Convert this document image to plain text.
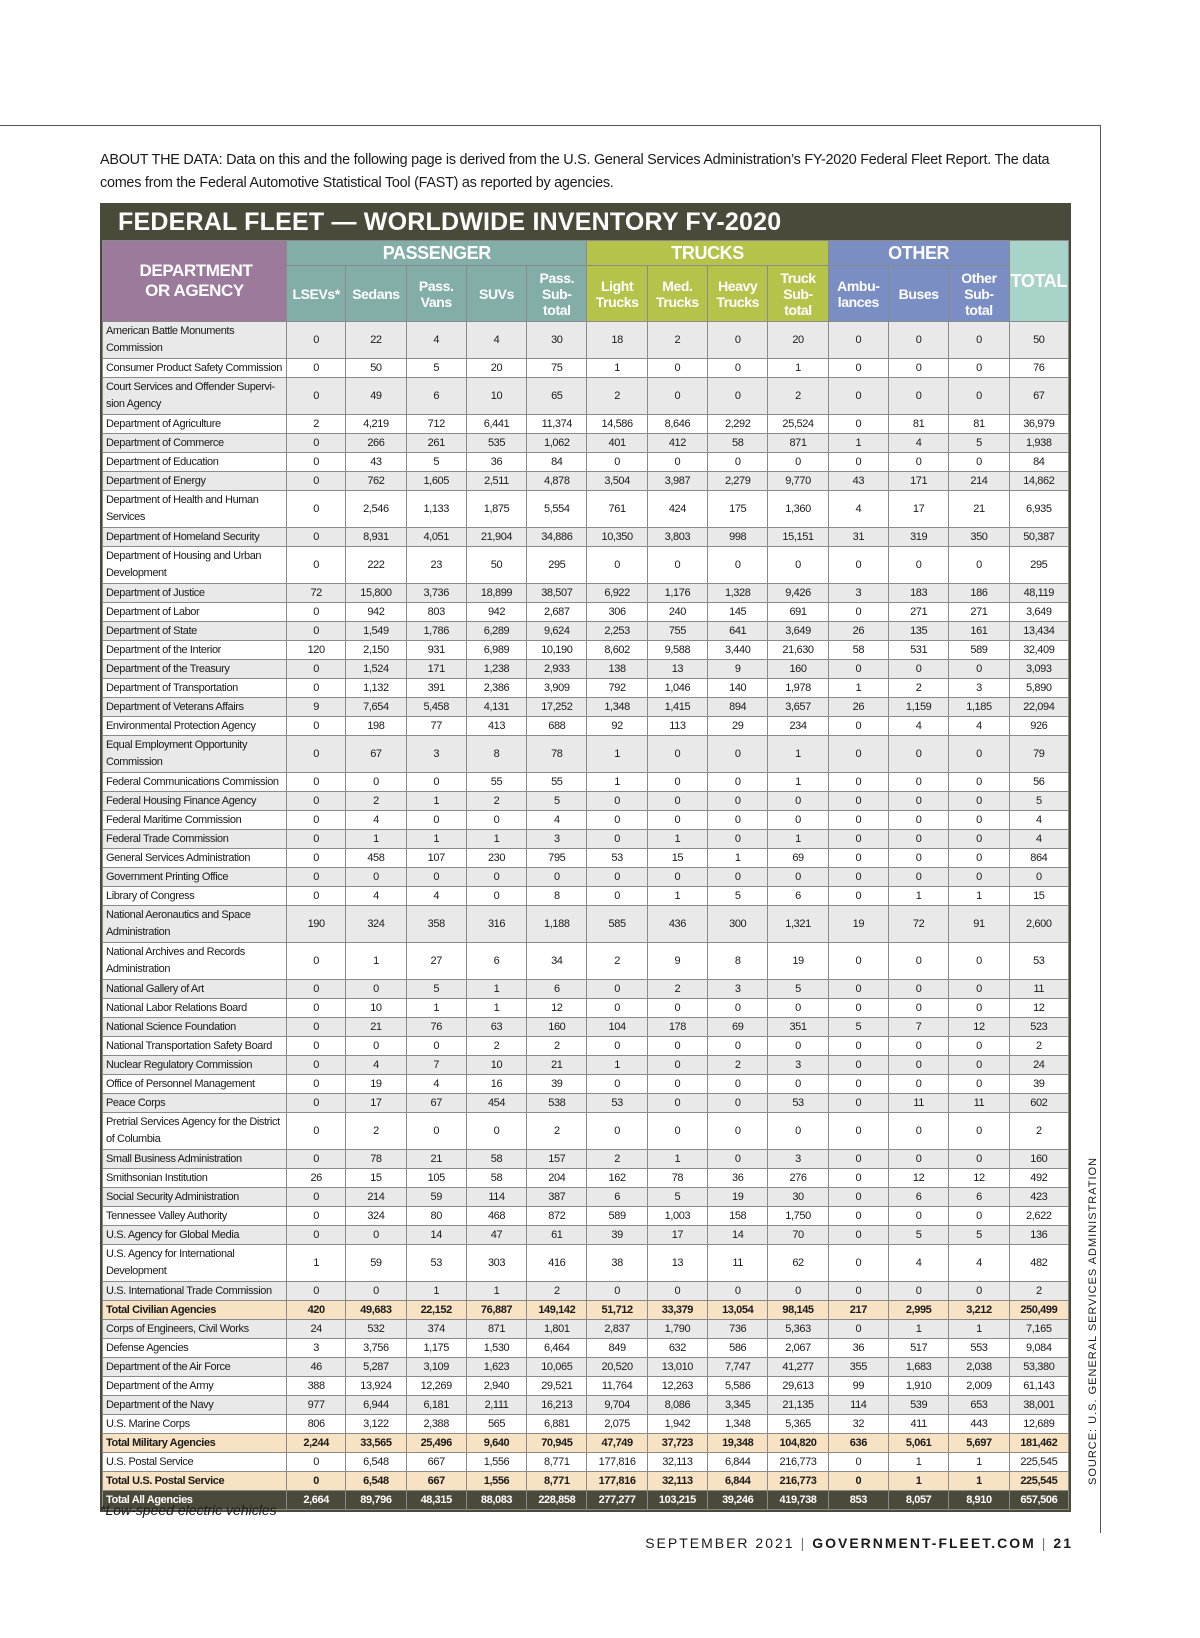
ABOUT THE DATA: Data on this and the following page is derived from the U.S. General Services Administration’s FY-2020 Federal Fleet Report. The data comes from the Federal Automotive Statistical Tool (FAST) as reported by agencies.

FEDERAL FLEET — WORLDWIDE INVENTORY FY-2020
DEPARTMENT OR AGENCY	PASSENGER					TRUCKS				OTHER			TOTAL
	LSEVs*	Sedans	Pass. Vans	SUVs	Pass. Sub-total	Light Trucks	Med. Trucks	Heavy Trucks	Truck Sub-total	Ambu-lances	Buses	Other Sub-total	
American Battle Monuments Commission	0	22	4	4	30	18	2	0	20	0	0	0	50
Consumer Product Safety Commission	0	50	5	20	75	1	0	0	1	0	0	0	76
Court Services and Offender Supervi-sion Agency	0	49	6	10	65	2	0	0	2	0	0	0	67
Department of Agriculture	2	4,219	712	6,441	11,374	14,586	8,646	2,292	25,524	0	81	81	36,979
Department of Commerce	0	266	261	535	1,062	401	412	58	871	1	4	5	1,938
Department of Education	0	43	5	36	84	0	0	0	0	0	0	0	84
Department of Energy	0	762	1,605	2,511	4,878	3,504	3,987	2,279	9,770	43	171	214	14,862
Department of Health and Human Services	0	2,546	1,133	1,875	5,554	761	424	175	1,360	4	17	21	6,935
Department of Homeland Security	0	8,931	4,051	21,904	34,886	10,350	3,803	998	15,151	31	319	350	50,387
Department of Housing and Urban Development	0	222	23	50	295	0	0	0	0	0	0	0	295
Department of Justice	72	15,800	3,736	18,899	38,507	6,922	1,176	1,328	9,426	3	183	186	48,119
Department of Labor	0	942	803	942	2,687	306	240	145	691	0	271	271	3,649
Department of State	0	1,549	1,786	6,289	9,624	2,253	755	641	3,649	26	135	161	13,434
Department of the Interior	120	2,150	931	6,989	10,190	8,602	9,588	3,440	21,630	58	531	589	32,409
Department of the Treasury	0	1,524	171	1,238	2,933	138	13	9	160	0	0	0	3,093
Department of Transportation	0	1,132	391	2,386	3,909	792	1,046	140	1,978	1	2	3	5,890
Department of Veterans Affairs	9	7,654	5,458	4,131	17,252	1,348	1,415	894	3,657	26	1,159	1,185	22,094
Environmental Protection Agency	0	198	77	413	688	92	113	29	234	0	4	4	926
Equal Employment Opportunity Commission	0	67	3	8	78	1	0	0	1	0	0	0	79
Federal Communications Commission	0	0	0	55	55	1	0	0	1	0	0	0	56
Federal Housing Finance Agency	0	2	1	2	5	0	0	0	0	0	0	0	5
Federal Maritime Commission	0	4	0	0	4	0	0	0	0	0	0	0	4
Federal Trade Commission	0	1	1	1	3	0	1	0	1	0	0	0	4
General Services Administration	0	458	107	230	795	53	15	1	69	0	0	0	864
Government Printing Office	0	0	0	0	0	0	0	0	0	0	0	0	0
Library of Congress	0	4	4	0	8	0	1	5	6	0	1	1	15
National Aeronautics and Space Administration	190	324	358	316	1,188	585	436	300	1,321	19	72	91	2,600
National Archives and Records Administration	0	1	27	6	34	2	9	8	19	0	0	0	53
National Gallery of Art	0	0	5	1	6	0	2	3	5	0	0	0	11
National Labor Relations Board	0	10	1	1	12	0	0	0	0	0	0	0	12
National Science Foundation	0	21	76	63	160	104	178	69	351	5	7	12	523
National Transportation Safety Board	0	0	0	2	2	0	0	0	0	0	0	0	2
Nuclear Regulatory Commission	0	4	7	10	21	1	0	2	3	0	0	0	24
Office of Personnel Management	0	19	4	16	39	0	0	0	0	0	0	0	39
Peace Corps	0	17	67	454	538	53	0	0	53	0	11	11	602
Pretrial Services Agency for the District of Columbia	0	2	0	0	2	0	0	0	0	0	0	0	2
Small Business Administration	0	78	21	58	157	2	1	0	3	0	0	0	160
Smithsonian Institution	26	15	105	58	204	162	78	36	276	0	12	12	492
Social Security Administration	0	214	59	114	387	6	5	19	30	0	6	6	423
Tennessee Valley Authority	0	324	80	468	872	589	1,003	158	1,750	0	0	0	2,622
U.S. Agency for Global Media	0	0	14	47	61	39	17	14	70	0	5	5	136
U.S. Agency for International Development	1	59	53	303	416	38	13	11	62	0	4	4	482
U.S. International Trade Commission	0	0	1	1	2	0	0	0	0	0	0	0	2
Total Civilian Agencies	420	49,683	22,152	76,887	149,142	51,712	33,379	13,054	98,145	217	2,995	3,212	250,499
Corps of Engineers, Civil Works	24	532	374	871	1,801	2,837	1,790	736	5,363	0	1	1	7,165
Defense Agencies	3	3,756	1,175	1,530	6,464	849	632	586	2,067	36	517	553	9,084
Department of the Air Force	46	5,287	3,109	1,623	10,065	20,520	13,010	7,747	41,277	355	1,683	2,038	53,380
Department of the Army	388	13,924	12,269	2,940	29,521	11,764	12,263	5,586	29,613	99	1,910	2,009	61,143
Department of the Navy	977	6,944	6,181	2,111	16,213	9,704	8,086	3,345	21,135	114	539	653	38,001
U.S. Marine Corps	806	3,122	2,388	565	6,881	2,075	1,942	1,348	5,365	32	411	443	12,689
Total Military Agencies	2,244	33,565	25,496	9,640	70,945	47,749	37,723	19,348	104,820	636	5,061	5,697	181,462
U.S. Postal Service	0	6,548	667	1,556	8,771	177,816	32,113	6,844	216,773	0	1	1	225,545
Total U.S. Postal Service	0	6,548	667	1,556	8,771	177,816	32,113	6,844	216,773	0	1	1	225,545
Total All Agencies	2,664	89,796	48,315	88,083	228,858	277,277	103,215	39,246	419,738	853	8,057	8,910	657,506
*Low-speed electric vehicles
SOURCE: U.S. GENERAL SERVICES ADMINISTRATION
SEPTEMBER 2021 | GOVERNMENT-FLEET.COM | 21
